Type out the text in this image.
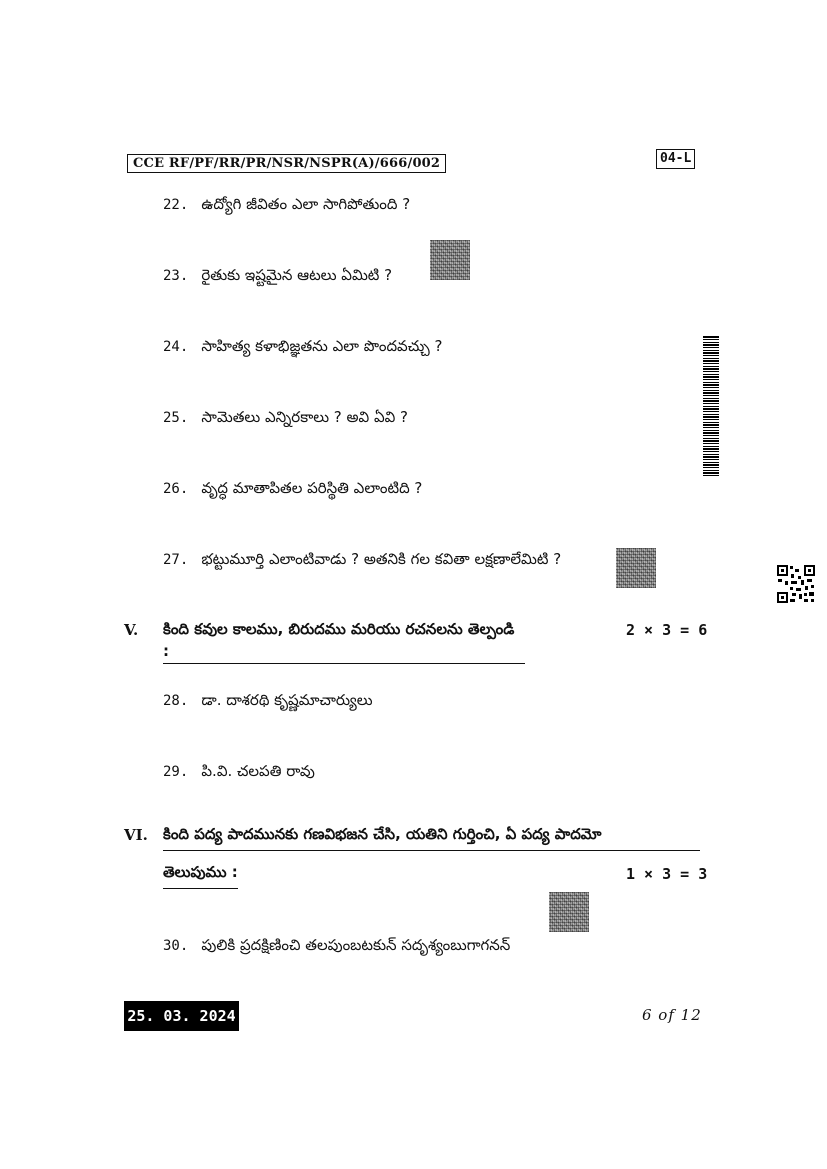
CCE RF/PF/RR/PR/NSR/NSPR(A)/666/002	04-L
22. ఉద్యోగి జీవితం ఎలా సాగిపోతుంది ?
23. రైతుకు ఇష్టమైన ఆటలు ఏమిటి ?
24. సాహిత్య కళాభిజ్ఞతను ఎలా పొందవచ్చు ?
25. సామెతలు ఎన్నిరకాలు ? అవి ఏవి ?
26. వృద్ధ మాతాపితల పరిస్థితి ఎలాంటిది ?
27. భట్టుమూర్తి ఎలాంటివాడు ? అతనికి గల కవితా లక్షణాలేమిటి ?
V. కింది కవుల కాలము, బిరుదము మరియు రచనలను తెల్పండి :
2 × 3 = 6
28. డా. దాశరథి కృష్ణమాచార్యులు
29. పి.వి. చలపతి రావు
VI. కింది పద్య పాదమునకు గణవిభజన చేసి, యతిని గుర్తించి, ఏ పద్య పాదమో
తెలుపుము :	1 × 3 = 3
30. పులికి ప్రదక్షిణించి తలపుంబటకున్ సదృశ్యంబుగాగనన్
25. 03. 2024	6 of 12
